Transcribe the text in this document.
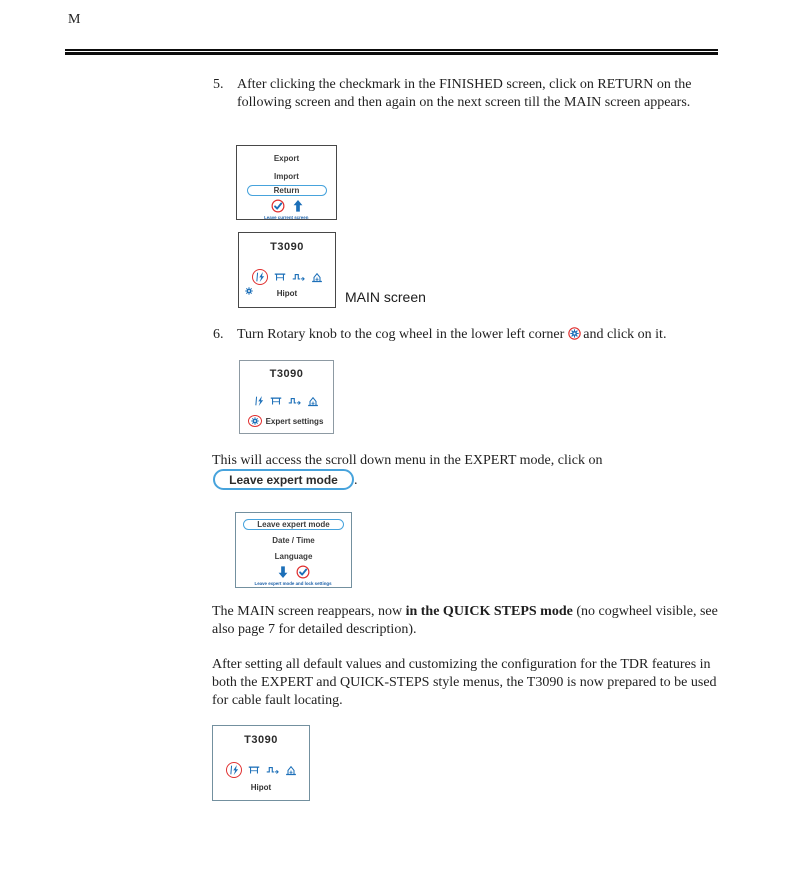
M
5. After clicking the checkmark in the FINISHED screen, click on RETURN on the following screen and then again on the next screen till the MAIN screen appears.
Export
Import
Return
Leave current screen
T3090
Hipot	MAIN screen
6. Turn Rotary knob to the cog wheel in the lower left corner and click on it.
T3090
Expert settings
This will access the scroll down menu in the EXPERT mode, click on
Leave expert mode .
Leave expert mode
Date / Time
Language
Leave expert mode and lock settings
The MAIN screen reappears, now in the QUICK STEPS mode (no cogwheel visible, see also page 7 for detailed description).
After setting all default values and customizing the configuration for the TDR features in both the EXPERT and QUICK-STEPS style menus, the T3090 is now prepared to be used for cable fault locating.
T3090
Hipot
